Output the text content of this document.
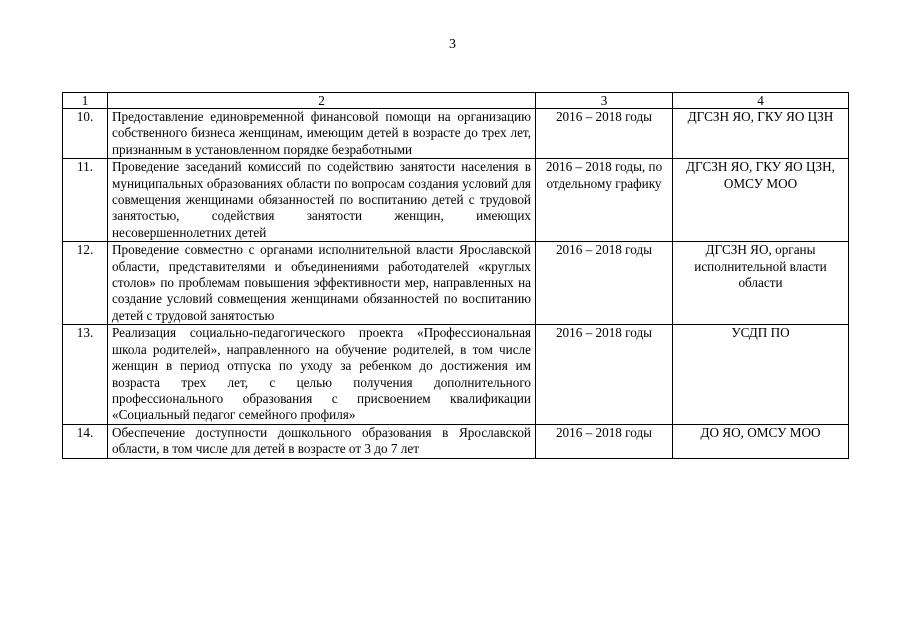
3
1	2	3	4
10.	Предоставление единовременной финансовой помощи на организацию собственного бизнеса женщинам, имеющим детей в возрасте до трех лет, признанным в установленном порядке безработными	2016 – 2018 годы	ДГСЗН ЯО, ГКУ ЯО ЦЗН
11.	Проведение заседаний комиссий по содействию занятости населения в муниципальных образованиях области по вопросам создания условий для совмещения женщинами обязанностей по воспитанию детей с трудовой занятостью, содействия занятости женщин, имеющих несовершеннолетних детей	2016 – 2018 годы, по отдельному графику	ДГСЗН ЯО, ГКУ ЯО ЦЗН, ОМСУ МОО
12.	Проведение совместно с органами исполнительной власти Ярославской области, представителями и объединениями работодателей «круглых столов» по проблемам повышения эффективности мер, направленных на создание условий совмещения женщинами обязанностей по воспитанию детей с трудовой занятостью	2016 – 2018 годы	ДГСЗН ЯО, органы исполнительной власти области
13.	Реализация социально-педагогического проекта «Профессиональная школа родителей», направленного на обучение родителей, в том числе женщин в период отпуска по уходу за ребенком до достижения им возраста трех лет, с целью получения дополнительного профессионального образования с присвоением квалификации «Социальный педагог семейного профиля»	2016 – 2018 годы	УСДП ПО
14.	Обеспечение доступности дошкольного образования в Ярославской области, в том числе для детей в возрасте от 3 до 7 лет	2016 – 2018 годы	ДО ЯО, ОМСУ МОО
